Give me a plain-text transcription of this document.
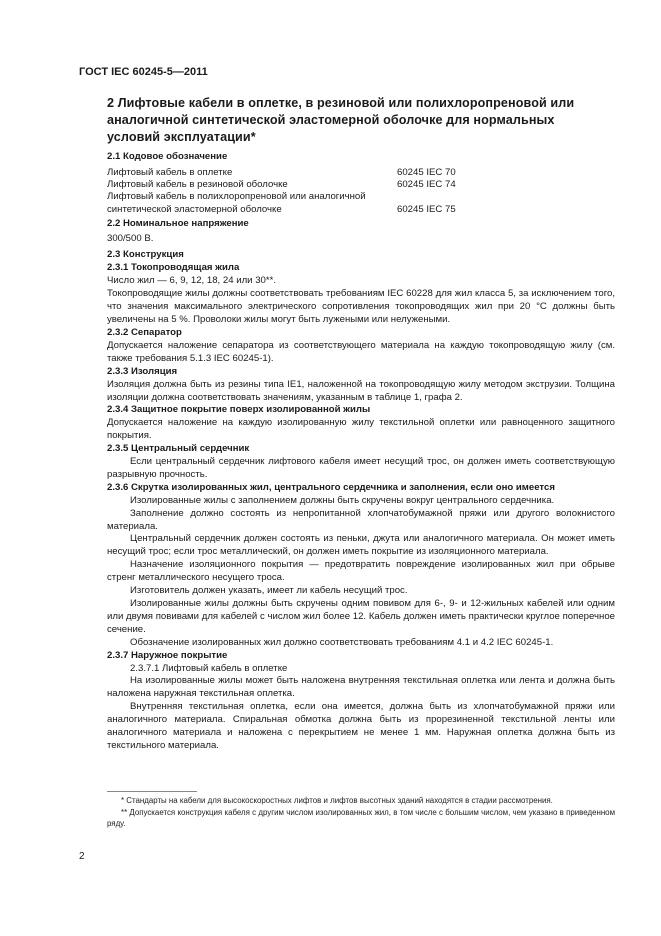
ГОСТ IEC 60245-5—2011
2 Лифтовые кабели в оплетке, в резиновой или полихлоропреновой или аналогичной синтетической эластомерной оболочке для нормальных условий эксплуатации*

2.1 Кодовое обозначение

Лифтовый кабель в оплетке	60245 IEC 70
Лифтовый кабель в резиновой оболочке	60245 IEC 74
Лифтовый кабель в полихлоропреновой или аналогичной синтетической эластомерной оболочке	60245 IEC 75

2.2 Номинальное напряжение

300/500 В.

2.3 Конструкция

2.3.1 Токопроводящая жила

Число жил — 6, 9, 12, 18, 24 или 30**.

Токопроводящие жилы должны соответствовать требованиям IEC 60228 для жил класса 5, за исключением того, что значения максимального электрического сопротивления токопроводящих жил при 20 °С должны быть увеличены на 5 %. Проволоки жилы могут быть лужеными или нелужеными.

2.3.2 Сепаратор

Допускается наложение сепаратора из соответствующего материала на каждую токопроводящую жилу (см. также требования 5.1.3 IEC 60245-1).

2.3.3 Изоляция

Изоляция должна быть из резины типа IE1, наложенной на токопроводящую жилу методом экструзии. Толщина изоляции должна соответствовать значениям, указанным в таблице 1, графа 2.

2.3.4 Защитное покрытие поверх изолированной жилы

Допускается наложение на каждую изолированную жилу текстильной оплетки или равноценного защитного покрытия.

2.3.5 Центральный сердечник

Если центральный сердечник лифтового кабеля имеет несущий трос, он должен иметь соответствующую разрывную прочность.

2.3.6 Скрутка изолированных жил, центрального сердечника и заполнения, если оно имеется

Изолированные жилы с заполнением должны быть скручены вокруг центрального сердечника.

Заполнение должно состоять из непропитанной хлопчатобумажной пряжи или другого волокнистого материала.

Центральный сердечник должен состоять из пеньки, джута или аналогичного материала. Он может иметь несущий трос; если трос металлический, он должен иметь покрытие из изоляционного материала.

Назначение изоляционного покрытия — предотвратить повреждение изолированных жил при обрыве стренг металлического несущего троса.

Изготовитель должен указать, имеет ли кабель несущий трос.

Изолированные жилы должны быть скручены одним повивом для 6-, 9- и 12-жильных кабелей или одним или двумя повивами для кабелей с числом жил более 12. Кабель должен иметь практически круглое поперечное сечение.

Обозначение изолированных жил должно соответствовать требованиям 4.1 и 4.2 IEC 60245-1.

2.3.7 Наружное покрытие

2.3.7.1 Лифтовый кабель в оплетке

На изолированные жилы может быть наложена внутренняя текстильная оплетка или лента и должна быть наложена наружная текстильная оплетка.

Внутренняя текстильная оплетка, если она имеется, должна быть из хлопчатобумажной пряжи или аналогичного материала. Спиральная обмотка должна быть из прорезиненной текстильной ленты или аналогичного материала и наложена с перекрытием не менее 1 мм. Наружная оплетка должна быть из текстильного материала.

* Стандарты на кабели для высокоскоростных лифтов и лифтов высотных зданий находятся в стадии рассмотрения.

** Допускается конструкция кабеля с другим числом изолированных жил, в том числе с большим числом, чем указано в приведенном ряду.

2
